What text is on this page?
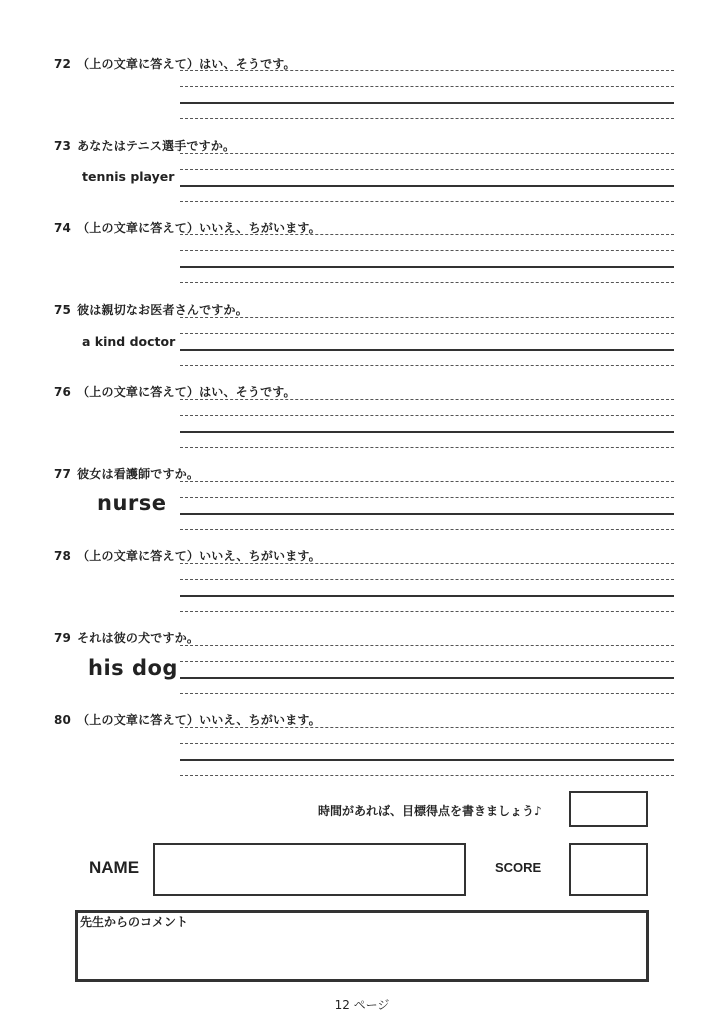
72 （上の文章に答えて）はい、そうです。
73 あなたはテニス選手ですか。
tennis player
74 （上の文章に答えて）いいえ、ちがいます。
75 彼は親切なお医者さんですか。
a kind doctor
76 （上の文章に答えて）はい、そうです。
77 彼女は看護師ですか。
nurse
78 （上の文章に答えて）いいえ、ちがいます。
79 それは彼の犬ですか。
his dog
80 （上の文章に答えて）いいえ、ちがいます。
時間があれば、目標得点を書きましょう♪
NAME	SCORE
先生からのコメント
12 ページ
